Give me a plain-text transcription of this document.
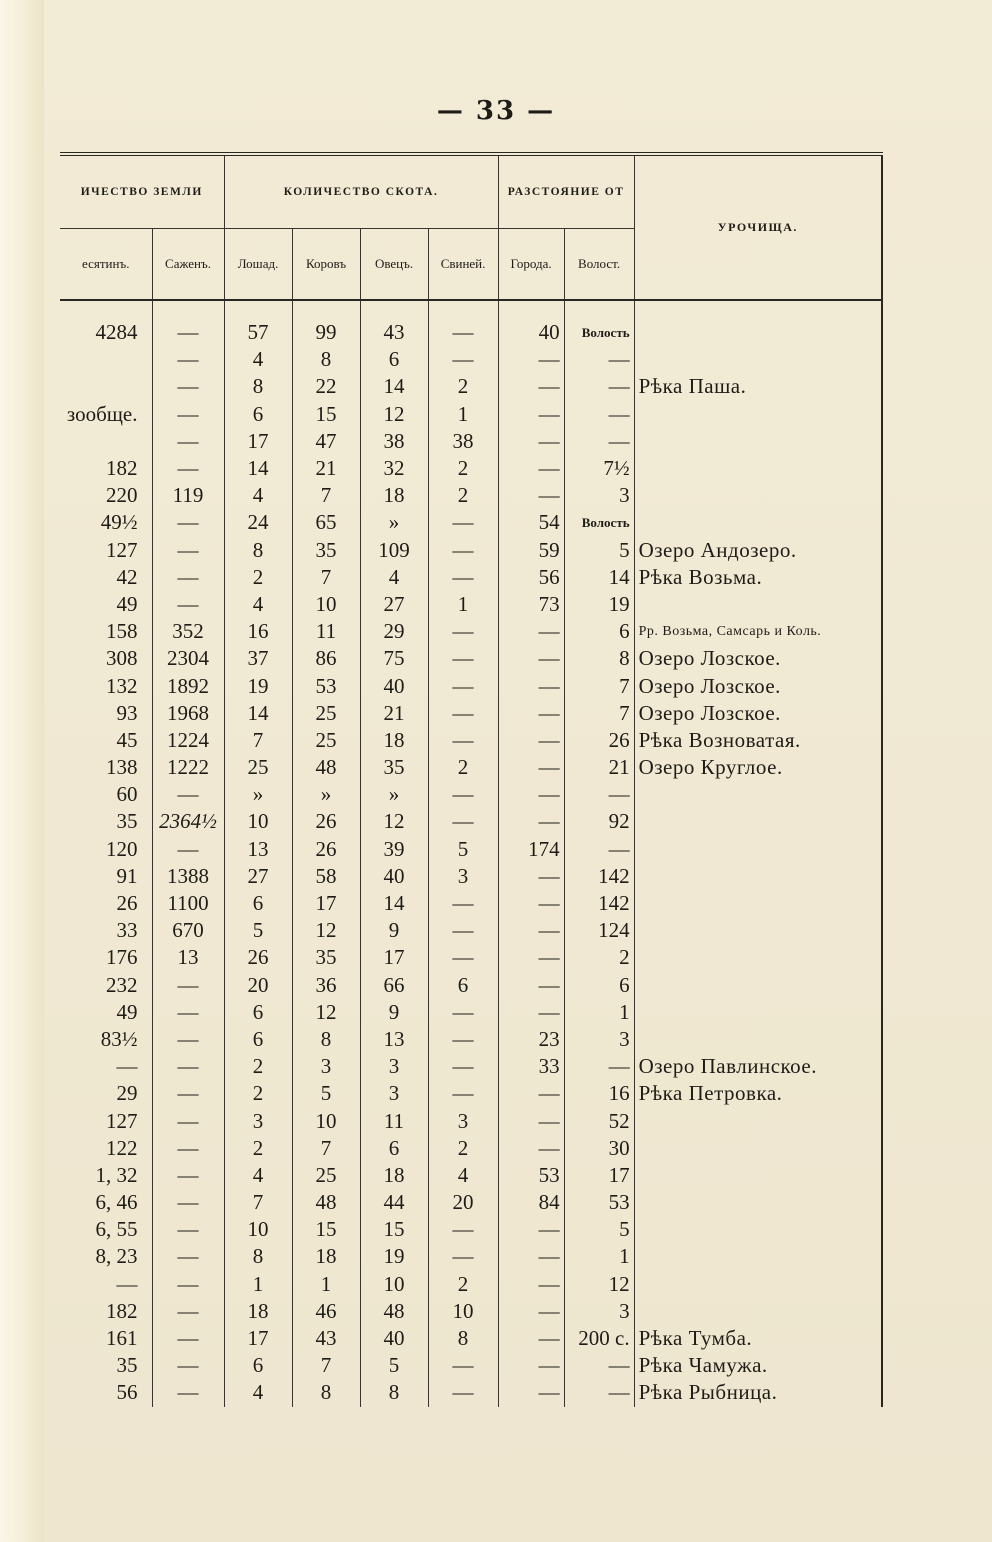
— 33 —
ИЧЕСТВО ЗЕМЛИ		КОЛИЧЕСТВО СКОТА.				РАЗСТОЯНИЕ ОТ		УРОЧИЩА.
есятинъ.	Саженъ.	Лошад.	Коровъ	Овецъ.	Свиней.	Города.	Волост.	
4284	—	57	99	43	—	40	Волость	
	—	4	8	6	—	—	—	
	—	8	22	14	2	—	—	Рѣка Паша.
зообще.	—	6	15	12	1	—	—	
	—	17	47	38	38	—	—	
182	—	14	21	32	2	—	7½	
220	119	4	7	18	2	—	3	
49½	—	24	65	»	—	54	Волость	
127	—	8	35	109	—	59	5	Озеро Андозеро.
42	—	2	7	4	—	56	14	Рѣка Возьма.
49	—	4	10	27	1	73	19	
158	352	16	11	29	—	—	6	Рр. Возьма, Самсарь и Коль.
308	2304	37	86	75	—	—	8	Озеро Лозское.
132	1892	19	53	40	—	—	7	Озеро Лозское.
93	1968	14	25	21	—	—	7	Озеро Лозское.
45	1224	7	25	18	—	—	26	Рѣка Возноватая.
138	1222	25	48	35	2	—	21	Озеро Круглое.
60	—	»	»	»	—	—	—	
35	2364½	10	26	12	—	—	92	
120	—	13	26	39	5	174	—	
91	1388	27	58	40	3	—	142	
26	1100	6	17	14	—	—	142	
33	670	5	12	9	—	—	124	
176	13	26	35	17	—	—	2	
232	—	20	36	66	6	—	6	
49	—	6	12	9	—	—	1	
83½	—	6	8	13	—	23	3	
—	—	2	3	3	—	33	—	Озеро Павлинское.
29	—	2	5	3	—	—	16	Рѣка Петровка.
127	—	3	10	11	3	—	52	
122	—	2	7	6	2	—	30	
1, 32	—	4	25	18	4	53	17	
6, 46	—	7	48	44	20	84	53	
6, 55	—	10	15	15	—	—	5	
8, 23	—	8	18	19	—	—	1	
—	—	1	1	10	2	—	12	
182	—	18	46	48	10	—	3	
161	—	17	43	40	8	—	200 с.	Рѣка Тумба.
35	—	6	7	5	—	—	—	Рѣка Чамужа.
56	—	4	8	8	—	—	—	Рѣка Рыбница.
